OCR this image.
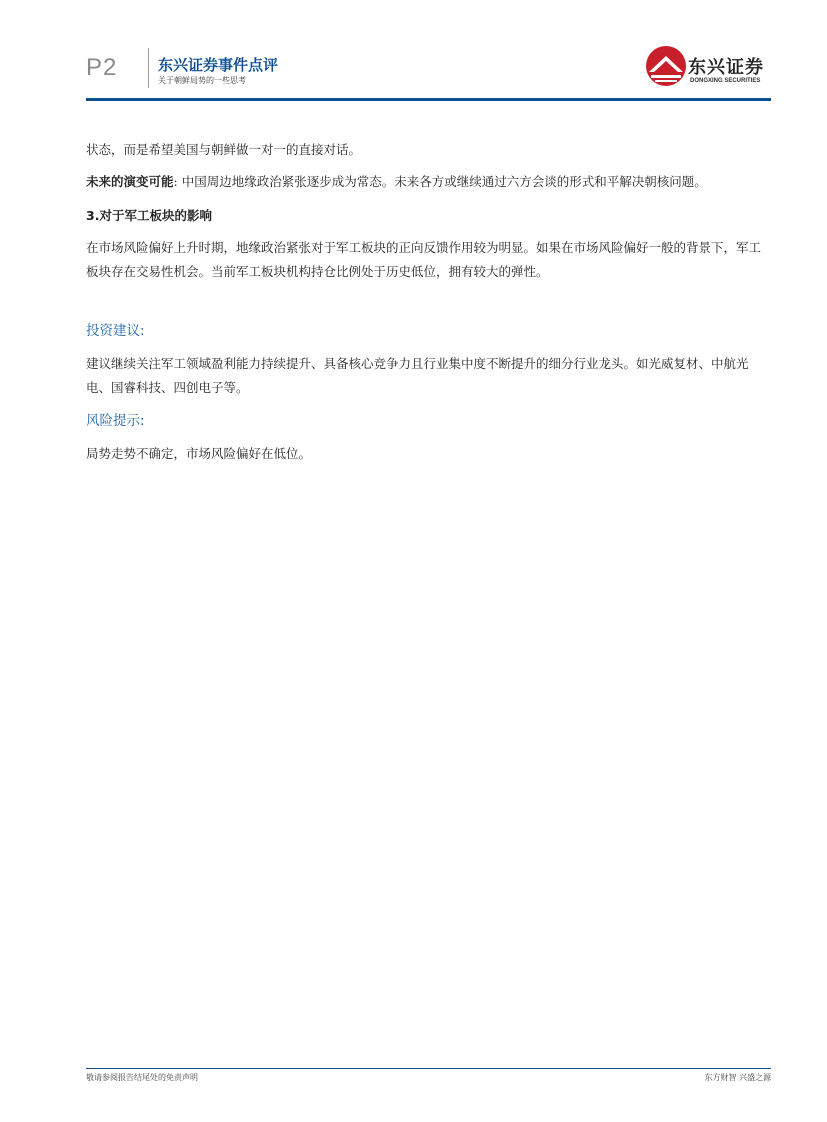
P2	东兴证券事件点评
关于朝鲜局势的一些思考
东兴证券
DONGXING SECURITIES

状态，而是希望美国与朝鲜做一对一的直接对话。

未来的演变可能: 中国周边地缘政治紧张逐步成为常态。未来各方或继续通过六方会谈的形式和平解决朝核问题。

3.对于军工板块的影响

在市场风险偏好上升时期，地缘政治紧张对于军工板块的正向反馈作用较为明显。如果在市场风险偏好一般的背景下，军工板块存在交易性机会。当前军工板块机构持仓比例处于历史低位，拥有较大的弹性。

投资建议:

建议继续关注军工领域盈利能力持续提升、具备核心竞争力且行业集中度不断提升的细分行业龙头。如光威复材、中航光电、国睿科技、四创电子等。

风险提示:

局势走势不确定，市场风险偏好在低位。

敬请参阅报告结尾处的免责声明	东方财智 兴盛之源
